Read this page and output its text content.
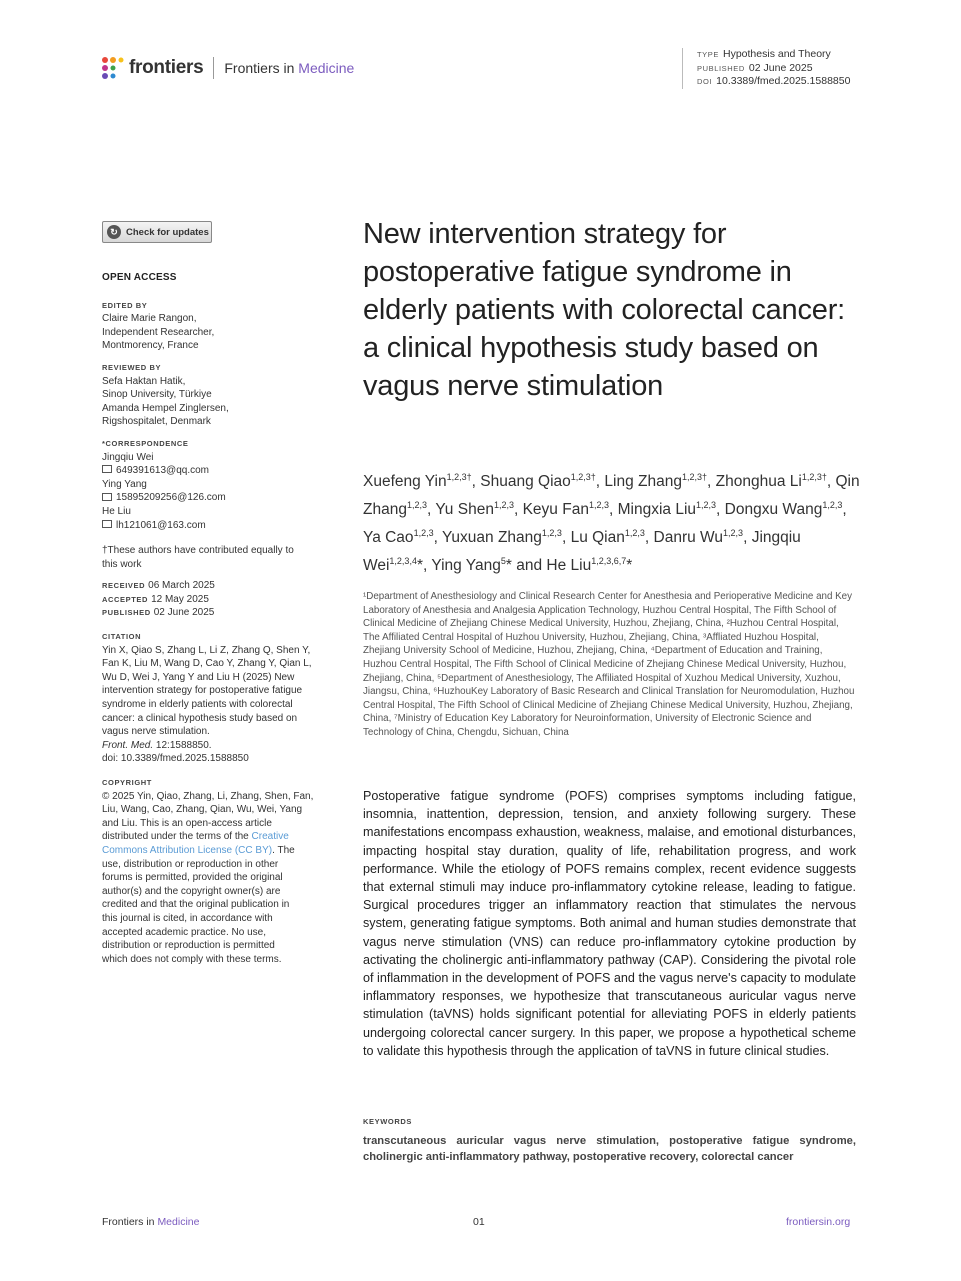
frontiers Frontiers in Medicine
TYPE Hypothesis and Theory
PUBLISHED 02 June 2025
DOI 10.3389/fmed.2025.1588850
↻ Check for updates
OPEN ACCESS
EDITED BY
Claire Marie Rangon,
Independent Researcher,
Montmorency, France
REVIEWED BY
Sefa Haktan Hatik,
Sinop University, Türkiye
Amanda Hempel Zinglersen,
Rigshospitalet, Denmark
*CORRESPONDENCE
Jingqiu Wei
649391613@qq.com
Ying Yang
15895209256@126.com
He Liu
lh121061@163.com
†These authors have contributed equally to
this work
RECEIVED 06 March 2025
ACCEPTED 12 May 2025
PUBLISHED 02 June 2025
CITATION
Yin X, Qiao S, Zhang L, Li Z, Zhang Q, Shen Y,
Fan K, Liu M, Wang D, Cao Y, Zhang Y, Qian L,
Wu D, Wei J, Yang Y and Liu H (2025) New
intervention strategy for postoperative fatigue
syndrome in elderly patients with colorectal
cancer: a clinical hypothesis study based on
vagus nerve stimulation.
Front. Med. 12:1588850.
doi: 10.3389/fmed.2025.1588850
COPYRIGHT
© 2025 Yin, Qiao, Zhang, Li, Zhang, Shen, Fan,
Liu, Wang, Cao, Zhang, Qian, Wu, Wei, Yang
and Liu. This is an open-access article
distributed under the terms of the Creative
Commons Attribution License (CC BY). The
use, distribution or reproduction in other
forums is permitted, provided the original
author(s) and the copyright owner(s) are
credited and that the original publication in
this journal is cited, in accordance with
accepted academic practice. No use,
distribution or reproduction is permitted
which does not comply with these terms.
New intervention strategy for postoperative fatigue syndrome in elderly patients with colorectal cancer: a clinical hypothesis study based on vagus nerve stimulation
Xuefeng Yin$^{1,2,3\dagger}$, Shuang Qiao$^{1,2,3\dagger}$, Ling Zhang$^{1,2,3\dagger}$, Zhonghua $Li^{1,2,3\dagger}$, Qin Zhang$^{1,2,3}$, Yu Shen$^{1,2,3}$, Keyu Fan$^{1,2,3}$, Mingxia Liu$^{1,2,3}$, Dongxu Wang$^{1,2,3}$, Ya Cao$^{1,2,3}$, Yuxuan Zhang$^{1,2,3}$, Lu Qian$^{1,2,3}$, Danru Wu$^{1,2,3}$, Jingqiu Wei$^{1,2,3,4}$*, Ying Yang$^5$* and He Liu$^{1,2,3,6,7}$*
¹Department of Anesthesiology and Clinical Research Center for Anesthesia and Perioperative Medicine and Key Laboratory of Anesthesia and Analgesia Application Technology, Huzhou Central Hospital, The Fifth School of Clinical Medicine of Zhejiang Chinese Medical University, Huzhou, Zhejiang, China, ²Huzhou Central Hospital, The Affiliated Central Hospital of Huzhou University, Huzhou, Zhejiang, China, ³Affliated Huzhou Hospital, Zhejiang University School of Medicine, Huzhou, Zhejiang, China, ⁴Department of Education and Training, Huzhou Central Hospital, The Fifth School of Clinical Medicine of Zhejiang Chinese Medical University, Huzhou, Zhejiang, China, ⁵Department of Anesthesiology, The Affiliated Hospital of Xuzhou Medical University, Xuzhou, Jiangsu, China, ⁶HuzhouKey Laboratory of Basic Research and Clinical Translation for Neuromodulation, Huzhou Central Hospital, The Fifth School of Clinical Medicine of Zhejiang Chinese Medical University, Huzhou, Zhejiang, China, ⁷Ministry of Education Key Laboratory for Neuroinformation, University of Electronic Science and Technology of China, Chengdu, Sichuan, China
Postoperative fatigue syndrome (POFS) comprises symptoms including fatigue, insomnia, inattention, depression, tension, and anxiety following surgery. These manifestations encompass exhaustion, weakness, malaise, and emotional disturbances, impacting hospital stay duration, quality of life, rehabilitation progress, and work performance. While the etiology of POFS remains complex, recent evidence suggests that external stimuli may induce pro-inflammatory cytokine release, leading to fatigue. Surgical procedures trigger an inflammatory reaction that stimulates the nervous system, generating fatigue symptoms. Both animal and human studies demonstrate that vagus nerve stimulation (VNS) can reduce pro-inflammatory cytokine production by activating the cholinergic anti-inflammatory pathway (CAP). Considering the pivotal role of inflammation in the development of POFS and the vagus nerve's capacity to modulate inflammatory responses, we hypothesize that transcutaneous auricular vagus nerve stimulation (taVNS) holds significant potential for alleviating POFS in elderly patients undergoing colorectal cancer surgery. In this paper, we propose a hypothetical scheme to validate this hypothesis through the application of taVNS in future clinical studies.
KEYWORDS
transcutaneous auricular vagus nerve stimulation, postoperative fatigue syndrome, cholinergic anti-inflammatory pathway, postoperative recovery, colorectal cancer
Frontiers in Medicine	01	frontiersin.org
